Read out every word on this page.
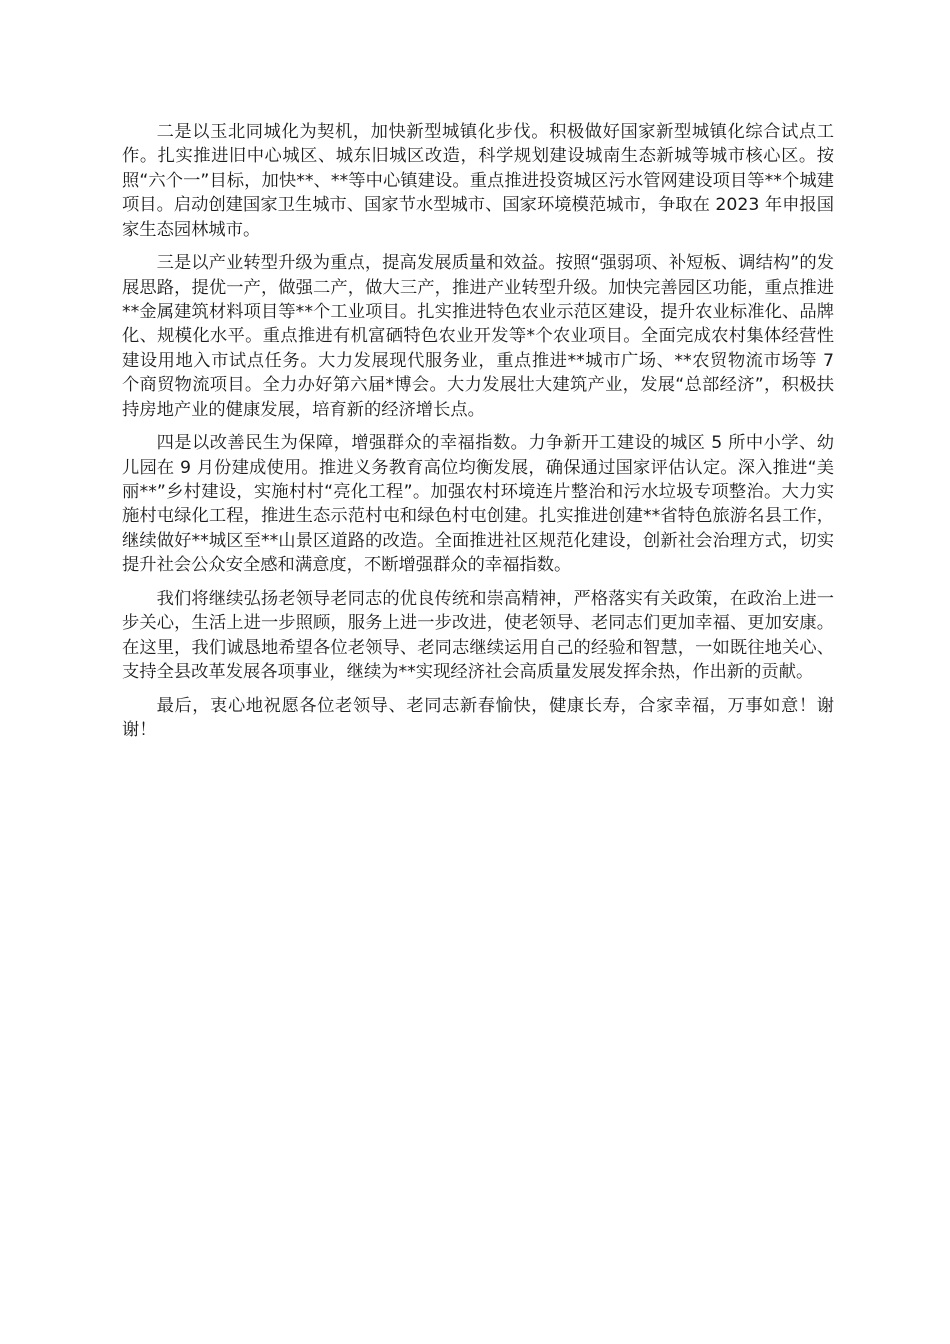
二是以玉北同城化为契机，加快新型城镇化步伐。积极做好国家新型城镇化综合试点工作。扎实推进旧中心城区、城东旧城区改造，科学规划建设城南生态新城等城市核心区。按照“六个一”目标，加快**、**等中心镇建设。重点推进投资城区污水管网建设项目等**个城建项目。启动创建国家卫生城市、国家节水型城市、国家环境模范城市，争取在 2023 年申报国家生态园林城市。

三是以产业转型升级为重点，提高发展质量和效益。按照“强弱项、补短板、调结构”的发展思路，提优一产，做强二产，做大三产，推进产业转型升级。加快完善园区功能，重点推进**金属建筑材料项目等**个工业项目。扎实推进特色农业示范区建设，提升农业标准化、品牌化、规模化水平。重点推进有机富硒特色农业开发等*个农业项目。全面完成农村集体经营性建设用地入市试点任务。大力发展现代服务业，重点推进**城市广场、**农贸物流市场等 7 个商贸物流项目。全力办好第六届*博会。大力发展壮大建筑产业，发展“总部经济”，积极扶持房地产业的健康发展，培育新的经济增长点。

四是以改善民生为保障，增强群众的幸福指数。力争新开工建设的城区 5 所中小学、幼儿园在 9 月份建成使用。推进义务教育高位均衡发展，确保通过国家评估认定。深入推进“美丽**”乡村建设，实施村村“亮化工程”。加强农村环境连片整治和污水垃圾专项整治。大力实施村屯绿化工程，推进生态示范村屯和绿色村屯创建。扎实推进创建**省特色旅游名县工作，继续做好**城区至**山景区道路的改造。全面推进社区规范化建设，创新社会治理方式，切实提升社会公众安全感和满意度，不断增强群众的幸福指数。

我们将继续弘扬老领导老同志的优良传统和崇高精神，严格落实有关政策，在政治上进一步关心，生活上进一步照顾，服务上进一步改进，使老领导、老同志们更加幸福、更加安康。在这里，我们诚恳地希望各位老领导、老同志继续运用自己的经验和智慧，一如既往地关心、支持全县改革发展各项事业，继续为**实现经济社会高质量发展发挥余热，作出新的贡献。

最后，衷心地祝愿各位老领导、老同志新春愉快，健康长寿，合家幸福，万事如意！谢谢！
